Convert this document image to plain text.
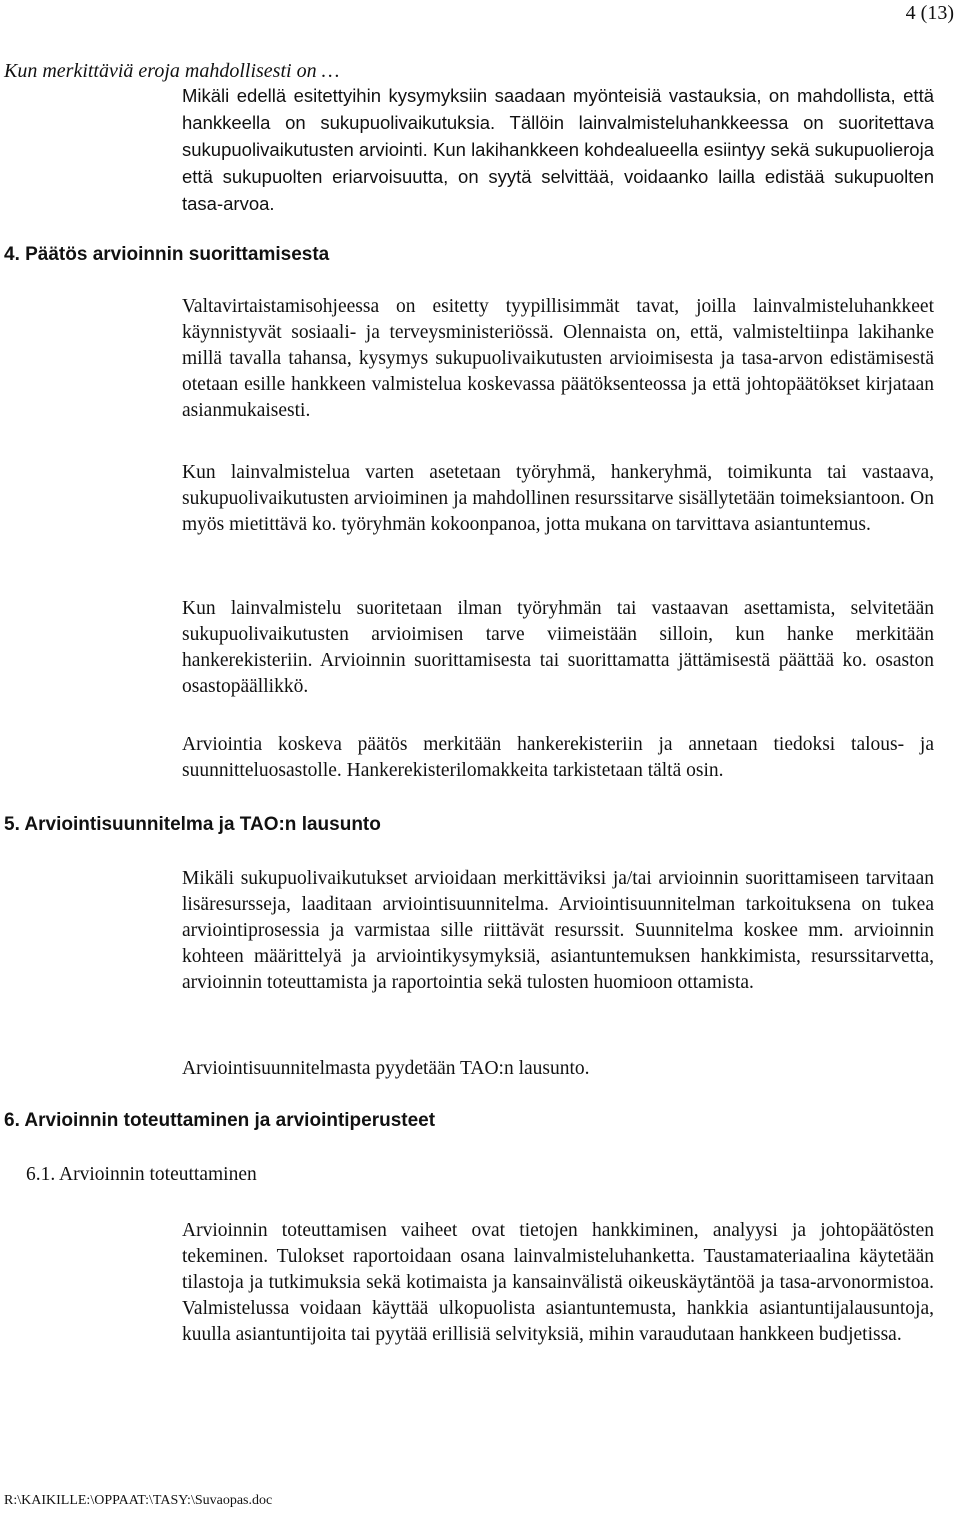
4 (13)
Kun merkittäviä eroja mahdollisesti on …
Mikäli edellä esitettyihin kysymyksiin saadaan myönteisiä vastauksia, on mahdollista, että hankkeella on sukupuolivaikutuksia. Tällöin lainvalmisteluhankkeessa on suoritettava sukupuolivaikutusten arviointi. Kun lakihankkeen kohdealueella esiintyy sekä sukupuolieroja että sukupuolten eriarvoisuutta, on syytä selvittää, voidaanko lailla edistää sukupuolten tasa-arvoa.
4. Päätös arvioinnin suorittamisesta
Valtavirtaistamisohjeessa on esitetty tyypillisimmät tavat, joilla lainvalmisteluhankkeet käynnistyvät sosiaali- ja terveysministeriössä. Olennaista on, että, valmisteltiinpa lakihanke millä tavalla tahansa, kysymys sukupuolivaikutusten arvioimisesta ja tasa-arvon edistämisestä otetaan esille hankkeen valmistelua koskevassa päätöksenteossa ja että johtopäätökset kirjataan asianmukaisesti.
Kun lainvalmistelua varten asetetaan työryhmä, hankeryhmä, toimikunta tai vastaava, sukupuolivaikutusten arvioiminen ja mahdollinen resurssitarve sisällytetään toimeksiantoon. On myös mietittävä ko. työryhmän kokoonpanoa, jotta mukana on tarvittava asiantuntemus.
Kun lainvalmistelu suoritetaan ilman työryhmän tai vastaavan asettamista, selvitetään sukupuolivaikutusten arvioimisen tarve viimeistään silloin, kun hanke merkitään hankerekisteriin. Arvioinnin suorittamisesta tai suorittamatta jättämisestä päättää ko. osaston osastopäällikkö.
Arviointia koskeva päätös merkitään hankerekisteriin ja annetaan tiedoksi talous- ja suunnitteluosastolle. Hankerekisterilomakkeita tarkistetaan tältä osin.
5. Arviointisuunnitelma ja TAO:n lausunto
Mikäli sukupuolivaikutukset arvioidaan merkittäviksi ja/tai arvioinnin suorittamiseen tarvitaan lisäresursseja, laaditaan arviointisuunnitelma. Arviointisuunnitelman tarkoituksena on tukea arviointiprosessia ja varmistaa sille riittävät resurssit. Suunnitelma koskee mm. arvioinnin kohteen määrittelyä ja arviointikysymyksiä, asiantuntemuksen hankkimista, resurssitarvetta, arvioinnin toteuttamista ja raportointia sekä tulosten huomioon ottamista.
Arviointisuunnitelmasta pyydetään TAO:n lausunto.
6. Arvioinnin toteuttaminen ja arviointiperusteet
6.1. Arvioinnin toteuttaminen
Arvioinnin toteuttamisen vaiheet ovat tietojen hankkiminen, analyysi ja johtopäätösten tekeminen. Tulokset raportoidaan osana lainvalmisteluhanketta. Taustamateriaalina käytetään tilastoja ja tutkimuksia sekä kotimaista ja kansainvälistä oikeuskäytäntöä ja tasa-arvonormistoa. Valmistelussa voidaan käyttää ulkopuolista asiantuntemusta, hankkia asiantuntijalausuntoja, kuulla asiantuntijoita tai pyytää erillisiä selvityksiä, mihin varaudutaan hankkeen budjetissa.
R:\KAIKILLE:\OPPAAT:\TASY:\Suvaopas.doc
